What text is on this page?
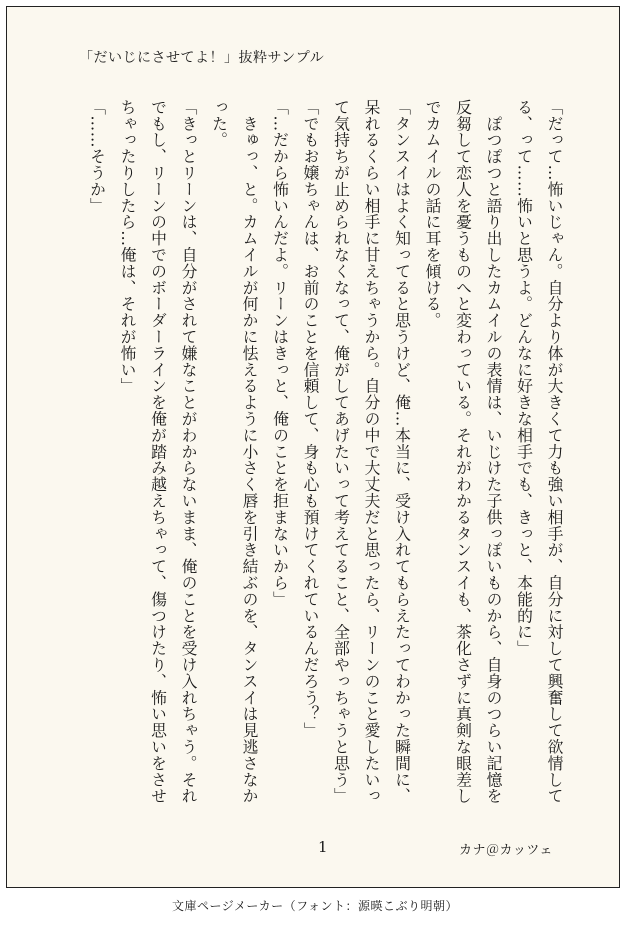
「だいじにさせてよ！」抜粋サンプル

「だって…怖いじゃん。自分より体が大きくて力も強い相手が、自分に対して興奮して欲情してる、って……怖いと思うよ。どんなに好きな相手でも、きっと、本能的に」

　ぽつぽつと語り出したカムイルの表情は、いじけた子供っぽいものから、自身のつらい記憶を反芻して恋人を憂うものへと変わっている。それがわかるタンスイも、茶化さずに真剣な眼差しでカムイルの話に耳を傾ける。

「タンスイはよく知ってると思うけど、俺…本当に、受け入れてもらえたってわかった瞬間に、呆れるくらい相手に甘えちゃうから。自分の中で大丈夫だと思ったら、リーンのこと愛したいって気持ちが止められなくなって、俺がしてあげたいって考えてること、全部やっちゃうと思う」

「でもお嬢ちゃんは、お前のことを信頼して、身も心も預けてくれているんだろう？」

「…だから怖いんだよ。リーンはきっと、俺のことを拒まないから」

　きゅっ、と。カムイルが何かに怯えるように小さく唇を引き結ぶのを、タンスイは見逃さなかった。

「きっとリーンは、自分がされて嫌なことがわからないまま、俺のことを受け入れちゃう。それでもし、リーンの中でのボーダーラインを俺が踏み越えちゃって、傷つけたり、怖い思いをさせちゃったりしたら…俺は、それが怖い」

「……そうか」

1	カナ＠カッツェ
文庫ページメーカー（フォント：源暎こぶり明朝）
